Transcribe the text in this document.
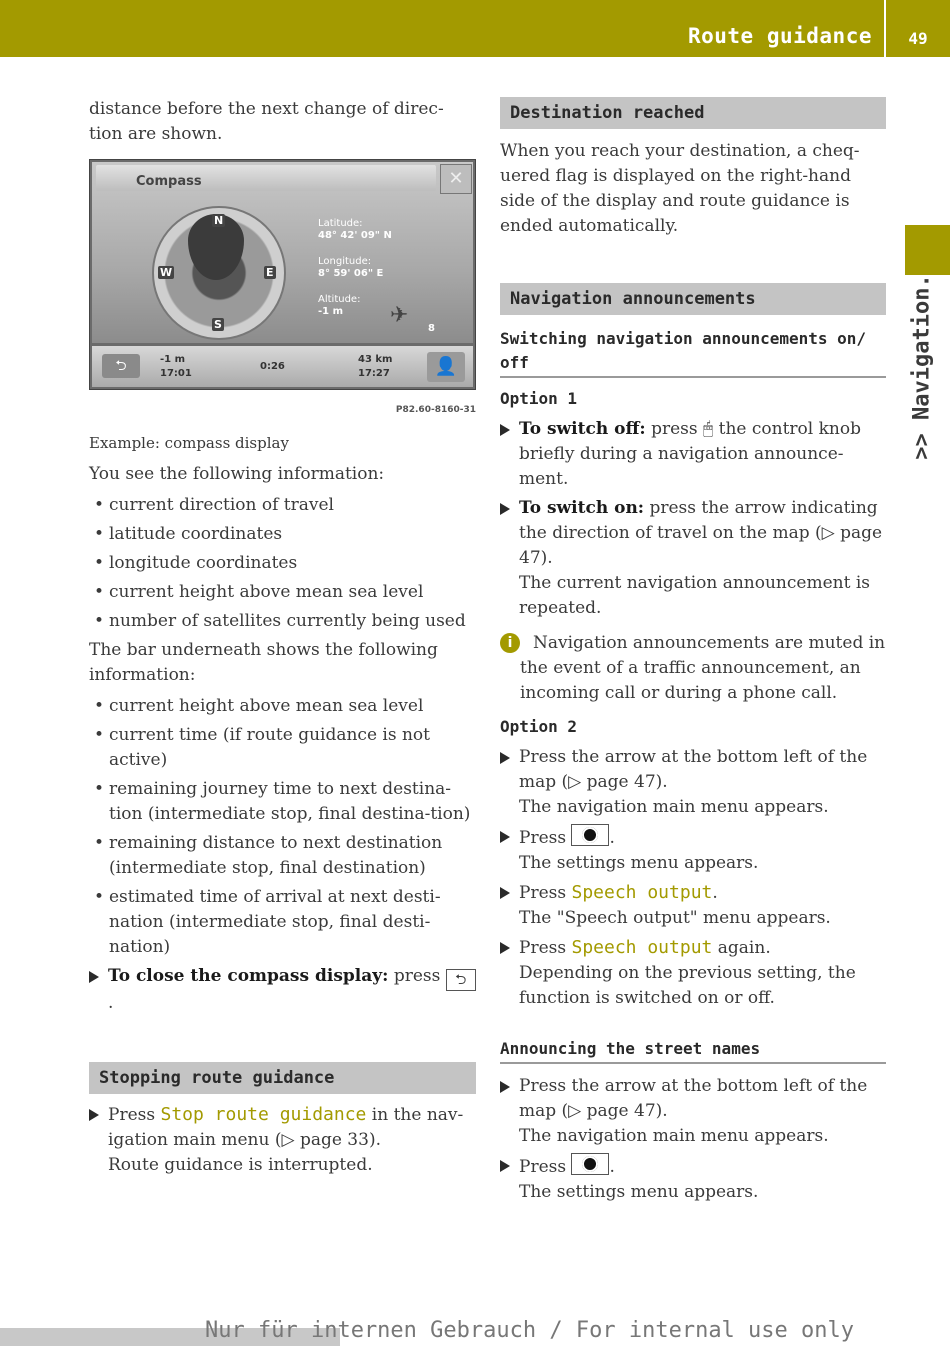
Route guidance	49
>> Navigation.

distance before the next change of direc-tion are shown.

Compass	✕
N
E
S
W
Latitude:
48° 42' 09" N
Longitude:
8° 59' 06" E
Altitude:
-1 m	✈
8
⮌	-1 m
17:01
0:26
43 km
17:27	👤
P82.60-8160-31

Example: compass display

You see the following information:

• current direction of travel
• latitude coordinates
• longitude coordinates
• current height above mean sea level
• number of satellites currently being used

The bar underneath shows the following information:

• current height above mean sea level
• current time (if route guidance is not active)
• remaining journey time to next destina-tion (intermediate stop, final destina-tion)
• remaining distance to next destination (intermediate stop, final destination)
• estimated time of arrival at next desti-nation (intermediate stop, final desti-nation)
To close the compass display: press ⮌.
Stopping route guidance
Press Stop route guidance in the nav-igation main menu (▷ page 33).
Route guidance is interrupted.
Destination reached

When you reach your destination, a cheq-uered flag is displayed on the right-hand side of the display and route guidance is ended automatically.

Navigation announcements
Switching navigation announcements on/ off
Option 1
To switch off: press 🖱 the control knob briefly during a navigation announce-ment.
To switch on: press the arrow indicating the direction of travel on the map (▷ page 47).
The current navigation announcement is repeated.
i	Navigation announcements are muted in the event of a traffic announcement, an incoming call or during a phone call.
Option 2
Press the arrow at the bottom left of the map (▷ page 47).
The navigation main menu appears.
Press	.
The settings menu appears.
Press Speech output.
The "Speech output" menu appears.
Press Speech output again.
Depending on the previous setting, the function is switched on or off.
Announcing the street names
Press the arrow at the bottom left of the map (▷ page 47).
The navigation main menu appears.
Press	.
The settings menu appears.
Nur für internen Gebrauch / For internal use only
